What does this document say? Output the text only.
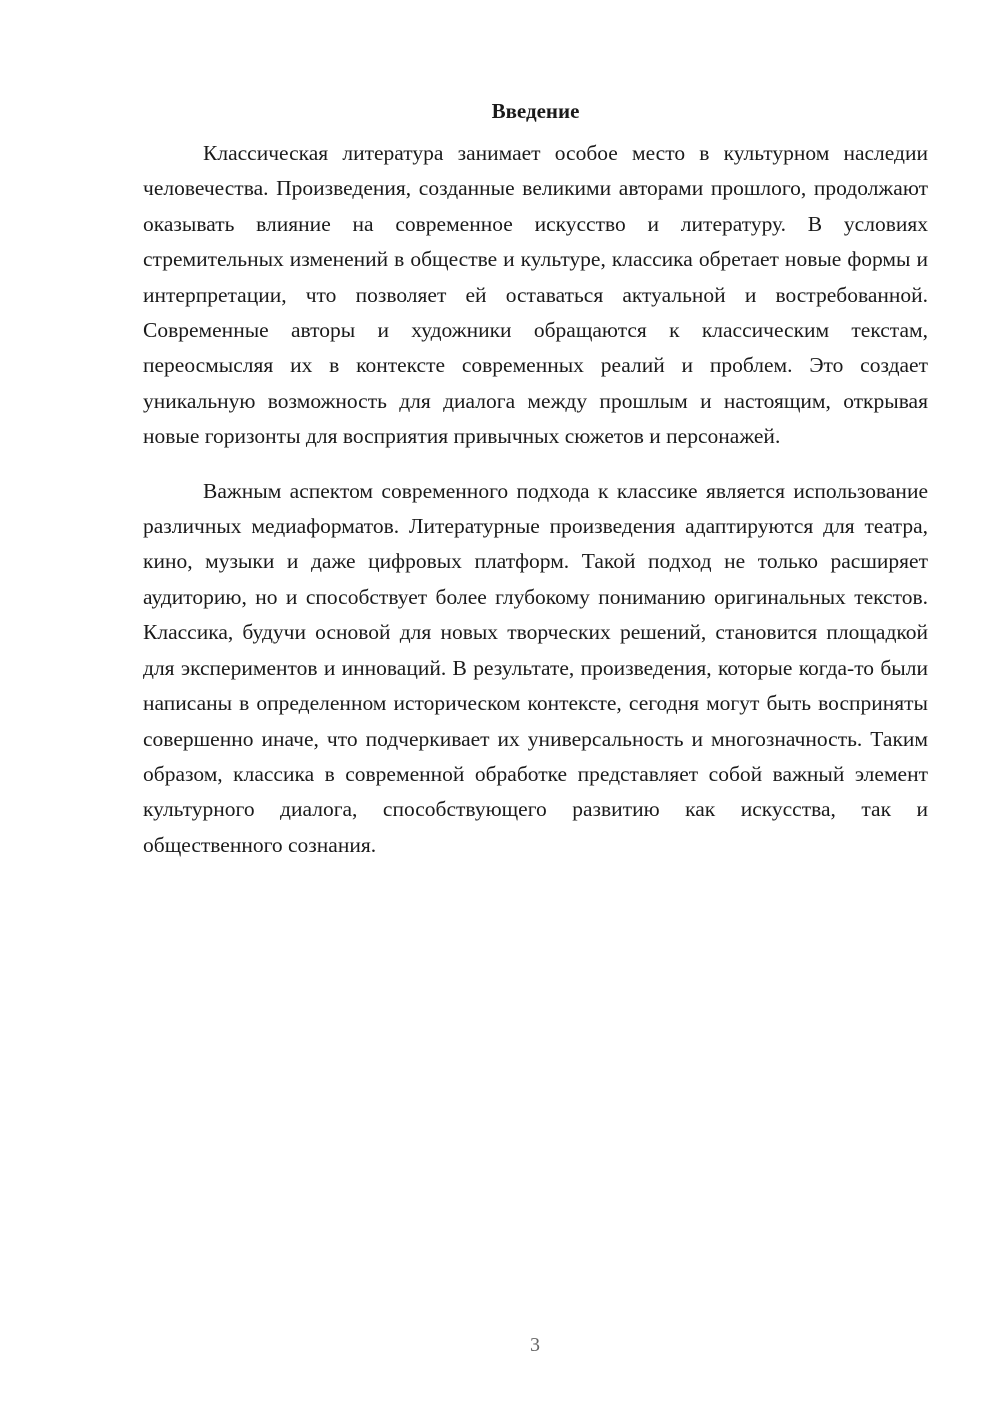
Введение

Классическая литература занимает особое место в культурном наследии человечества. Произведения, созданные великими авторами прошлого, продолжают оказывать влияние на современное искусство и литературу. В условиях стремительных изменений в обществе и культуре, классика обретает новые формы и интерпретации, что позволяет ей оставаться актуальной и востребованной. Современные авторы и художники обращаются к классическим текстам, переосмысляя их в контексте современных реалий и проблем. Это создает уникальную возможность для диалога между прошлым и настоящим, открывая новые горизонты для восприятия привычных сюжетов и персонажей.

Важным аспектом современного подхода к классике является использование различных медиаформатов. Литературные произведения адаптируются для театра, кино, музыки и даже цифровых платформ. Такой подход не только расширяет аудиторию, но и способствует более глубокому пониманию оригинальных текстов. Классика, будучи основой для новых творческих решений, становится площадкой для экспериментов и инноваций. В результате, произведения, которые когда-то были написаны в определенном историческом контексте, сегодня могут быть восприняты совершенно иначе, что подчеркивает их универсальность и многозначность. Таким образом, классика в современной обработке представляет собой важный элемент культурного диалога, способствующего развитию как искусства, так и общественного сознания.

3
